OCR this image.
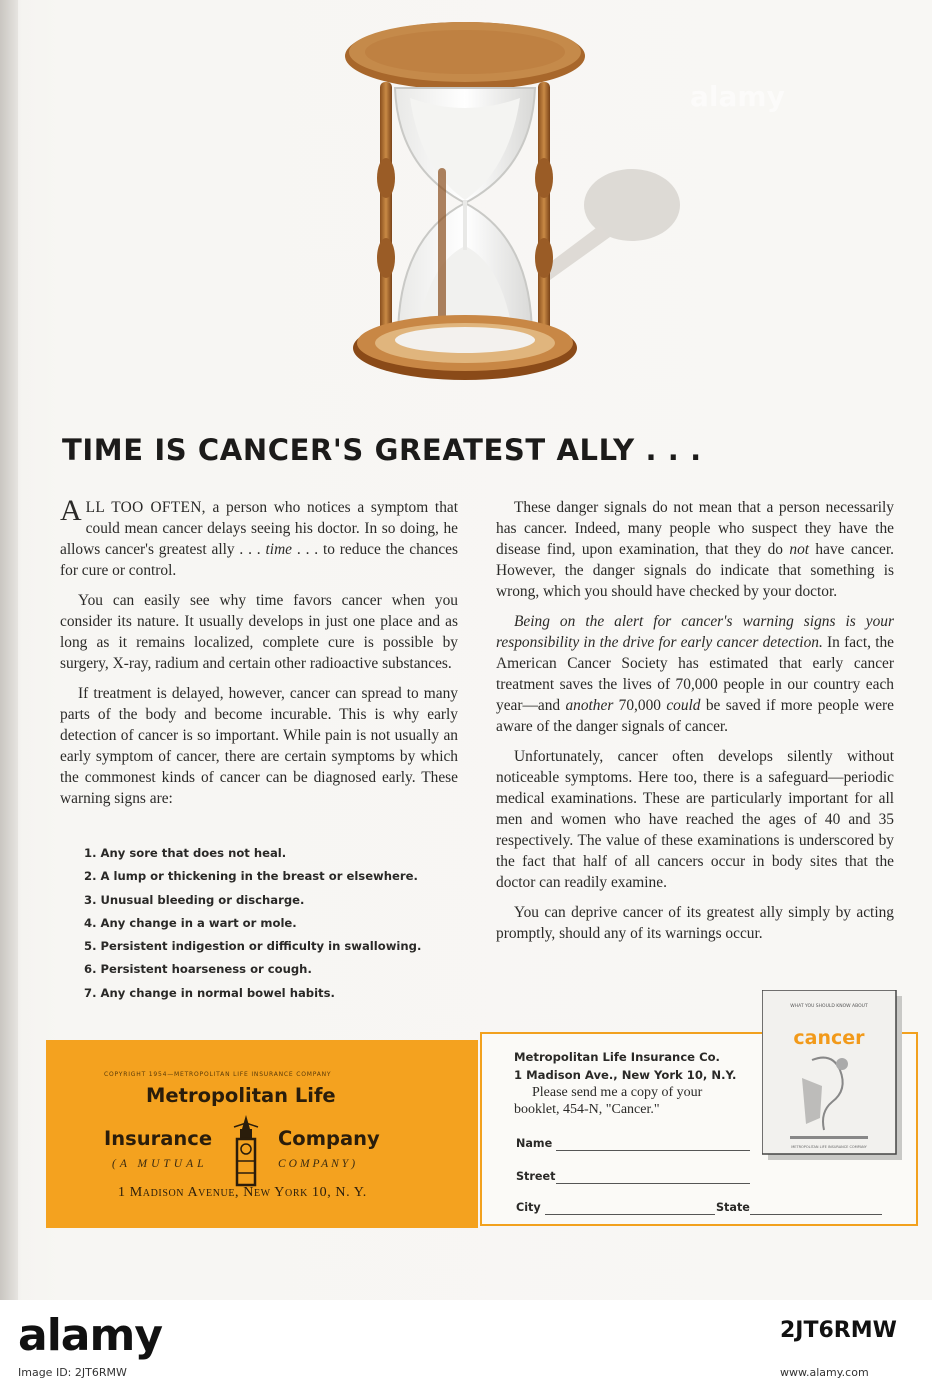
TIME IS CANCER'S GREATEST ALLY . . .

ALL TOO OFTEN, a person who notices a symptom that could mean cancer delays seeing his doctor. In so doing, he allows cancer's greatest ally . . . time . . . to reduce the chances for cure or control.

You can easily see why time favors cancer when you consider its nature. It usually develops in just one place and as long as it remains localized, complete cure is possible by surgery, X-ray, radium and certain other radioactive substances.

If treatment is delayed, however, cancer can spread to many parts of the body and become incurable. This is why early detection of cancer is so important. While pain is not usually an early symptom of cancer, there are certain symptoms by which the commonest kinds of cancer can be diagnosed early. These warning signs are:

1. Any sore that does not heal.
2. A lump or thickening in the breast or elsewhere.
3. Unusual bleeding or discharge.
4. Any change in a wart or mole.
5. Persistent indigestion or difficulty in swallowing.
6. Persistent hoarseness or cough.
7. Any change in normal bowel habits.

These danger signals do not mean that a person necessarily has cancer. Indeed, many people who suspect they have the disease find, upon examination, that they do not have cancer. However, the danger signals do indicate that something is wrong, which you should have checked by your doctor.

Being on the alert for cancer's warning signs is your responsibility in the drive for early cancer detection. In fact, the American Cancer Society has estimated that early cancer treatment saves the lives of 70,000 people in our country each year—and another 70,000 could be saved if more people were aware of the danger signals of cancer.

Unfortunately, cancer often develops silently without noticeable symptoms. Here too, there is a safeguard—periodic medical examinations. These are particularly important for all men and women who have reached the ages of 40 and 35 respectively. The value of these examinations is underscored by the fact that half of all cancers occur in body sites that the doctor can readily examine.

You can deprive cancer of its greatest ally simply by acting promptly, should any of its warnings occur.

COPYRIGHT 1954—METROPOLITAN LIFE INSURANCE COMPANY
Metropolitan Life
Insurance	Company
(A MUTUAL	COMPANY)
1 Madison Avenue, New York 10, N. Y.
Metropolitan Life Insurance Co.
1 Madison Ave., New York 10, N.Y.
Please send me a copy of your
booklet, 454-N, "Cancer."
Name
Street
City	State
WHAT YOU SHOULD KNOW ABOUT
cancer
METROPOLITAN LIFE INSURANCE COMPANY
alamy
alamy	2JT6RMW
Image ID: 2JT6RMW	www.alamy.com
